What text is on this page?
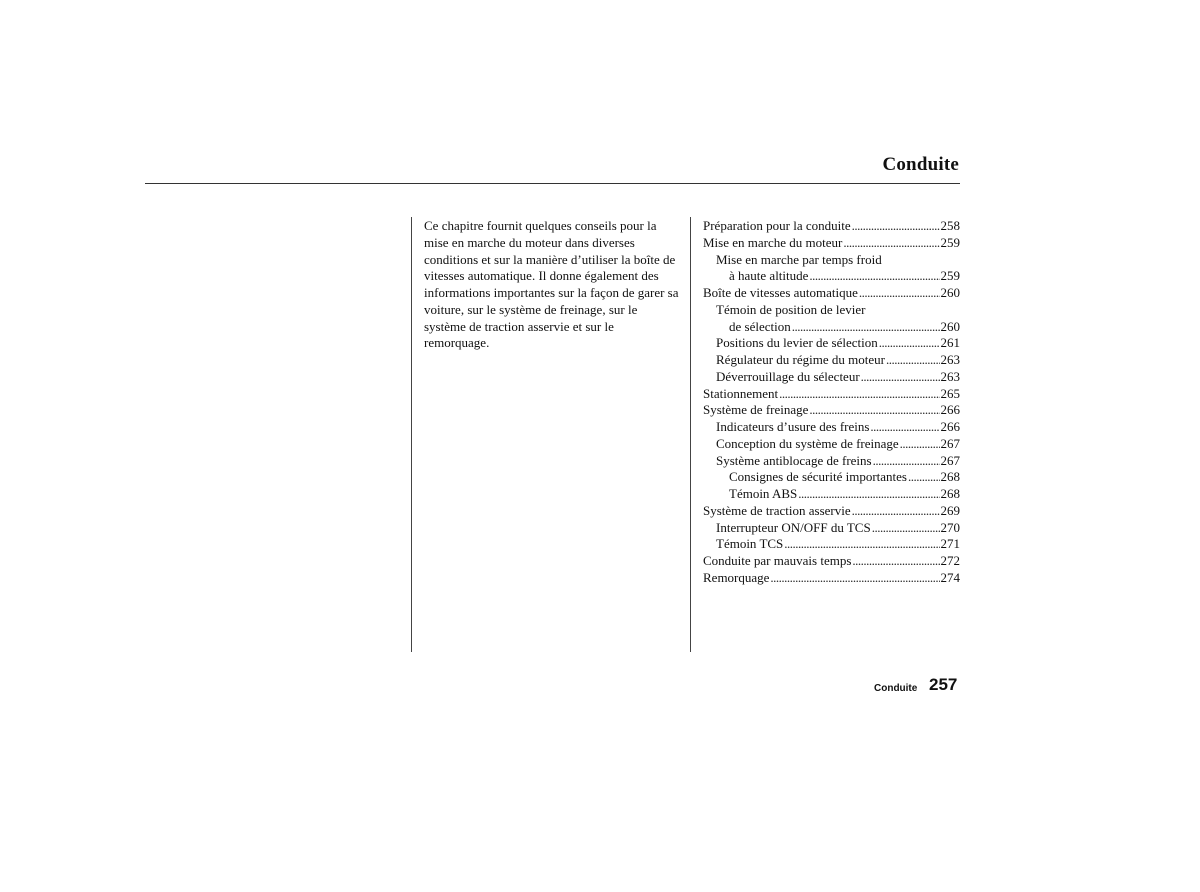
Conduite

Ce chapitre fournit quelques conseils pour la mise en marche du moteur dans diverses conditions et sur la manière d’utiliser la boîte de vitesses automatique. Il donne également des informations importantes sur la façon de garer sa voiture, sur le système de freinage, sur le système de traction asservie et sur le remorquage.

Préparation pour la conduite .....	258
Mise en marche du moteur .....	259
Mise en marche par temps froid
à haute altitude .....	259
Boîte de vitesses automatique .....	260
Témoin de position de levier
de sélection .....	260
Positions du levier de sélection .....	261
Régulateur du régime du moteur .....	263
Déverrouillage du sélecteur .....	263
Stationnement .....	265
Système de freinage .....	266
Indicateurs d’usure des freins .....	266
Conception du système de freinage .....	267
Système antiblocage de freins .....	267
Consignes de sécurité importantes .....	268
Témoin ABS .....	268
Système de traction asservie .....	269
Interrupteur ON/OFF du TCS .....	270
Témoin TCS .....	271
Conduite par mauvais temps .....	272
Remorquage .....	274
Conduite 257
